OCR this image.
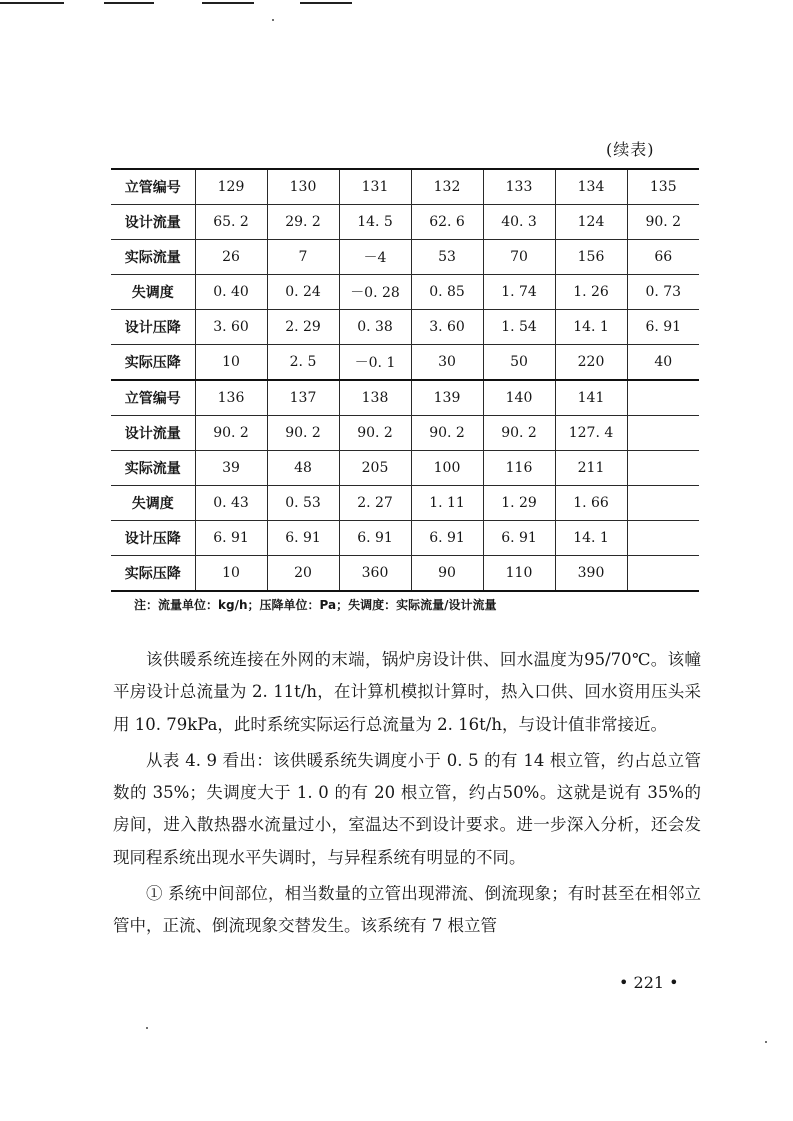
(续表)
立管编号	129	130	131	132	133	134	135
设计流量	65. 2	29. 2	14. 5	62. 6	40. 3	124	90. 2
实际流量	26	7	－4	53	70	156	66
失调度	0. 40	0. 24	－0. 28	0. 85	1. 74	1. 26	0. 73
设计压降	3. 60	2. 29	0. 38	3. 60	1. 54	14. 1	6. 91
实际压降	10	2. 5	－0. 1	30	50	220	40
立管编号	136	137	138	139	140	141	
设计流量	90. 2	90. 2	90. 2	90. 2	90. 2	127. 4	
实际流量	39	48	205	100	116	211	
失调度	0. 43	0. 53	2. 27	1. 11	1. 29	1. 66	
设计压降	6. 91	6. 91	6. 91	6. 91	6. 91	14. 1	
实际压降	10	20	360	90	110	390	
注：流量单位：kg/h；压降单位：Pa；失调度：实际流量/设计流量

该供暖系统连接在外网的末端，锅炉房设计供、回水温度为95/70℃。该幢平房设计总流量为 2. 11t/h，在计算机模拟计算时，热入口供、回水资用压头采用 10. 79kPa，此时系统实际运行总流量为 2. 16t/h，与设计值非常接近。

从表 4. 9 看出：该供暖系统失调度小于 0. 5 的有 14 根立管，约占总立管数的 35%；失调度大于 1. 0 的有 20 根立管，约占50%。这就是说有 35%的房间，进入散热器水流量过小，室温达不到设计要求。进一步深入分析，还会发现同程系统出现水平失调时，与异程系统有明显的不同。

① 系统中间部位，相当数量的立管出现滞流、倒流现象；有时甚至在相邻立管中，正流、倒流现象交替发生。该系统有 7 根立管

• 221 •
